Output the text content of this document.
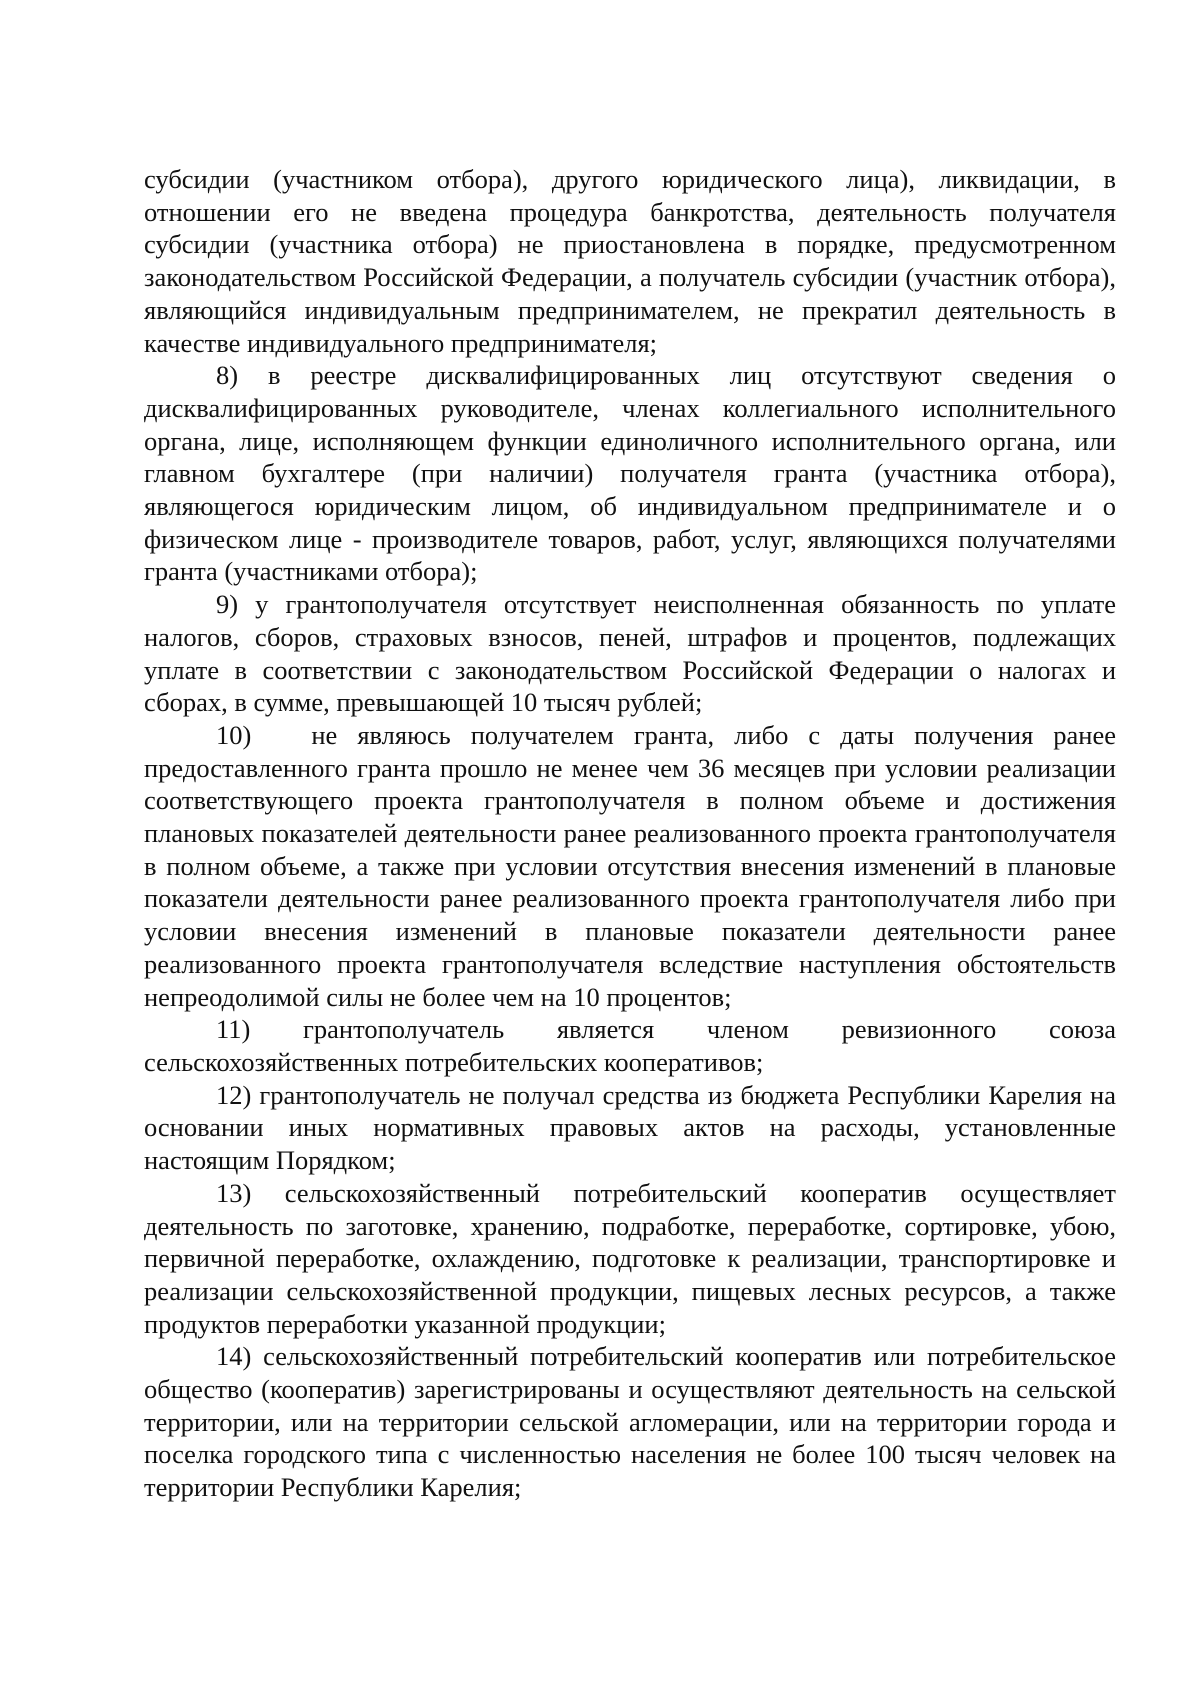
субсидии (участником отбора), другого юридического лица), ликвидации, в отношении его не введена процедура банкротства, деятельность получателя субсидии (участника отбора) не приостановлена в порядке, предусмотренном законодательством Российской Федерации, а получатель субсидии (участник отбора), являющийся индивидуальным предпринимателем, не прекратил деятельность в качестве индивидуального предпринимателя;

8) в реестре дисквалифицированных лиц отсутствуют сведения о дисквалифицированных руководителе, членах коллегиального исполнительного органа, лице, исполняющем функции единоличного исполнительного органа, или главном бухгалтере (при наличии) получателя гранта (участника отбора), являющегося юридическим лицом, об индивидуальном предпринимателе и о физическом лице - производителе товаров, работ, услуг, являющихся получателями гранта (участниками отбора);

9) у грантополучателя отсутствует неисполненная обязанность по уплате налогов, сборов, страховых взносов, пеней, штрафов и процентов, подлежащих уплате в соответствии с законодательством Российской Федерации о налогах и сборах, в сумме, превышающей 10 тысяч рублей;

10)   не являюсь получателем гранта, либо с даты получения ранее предоставленного гранта прошло не менее чем 36 месяцев при условии реализации соответствующего проекта грантополучателя в полном объеме и достижения плановых показателей деятельности ранее реализованного проекта грантополучателя в полном объеме, а также при условии отсутствия внесения изменений в плановые показатели деятельности ранее реализованного проекта грантополучателя либо при условии внесения изменений в плановые показатели деятельности ранее реализованного проекта грантополучателя вследствие наступления обстоятельств непреодолимой силы не более чем на 10 процентов;

11) грантополучатель является членом ревизионного союза сельскохозяйственных потребительских кооперативов;

12) грантополучатель не получал средства из бюджета Республики Карелия на основании иных нормативных правовых актов на расходы, установленные настоящим Порядком;

13) сельскохозяйственный потребительский кооператив осуществляет деятельность по заготовке, хранению, подработке, переработке, сортировке, убою, первичной переработке, охлаждению, подготовке к реализации, транспортировке и реализации сельскохозяйственной продукции, пищевых лесных ресурсов, а также продуктов переработки указанной продукции;

14) сельскохозяйственный потребительский кооператив или потребительское общество (кооператив) зарегистрированы и осуществляют деятельность на сельской территории, или на территории сельской агломерации, или на территории города и поселка городского типа с численностью населения не более 100 тысяч человек на территории Республики Карелия;
